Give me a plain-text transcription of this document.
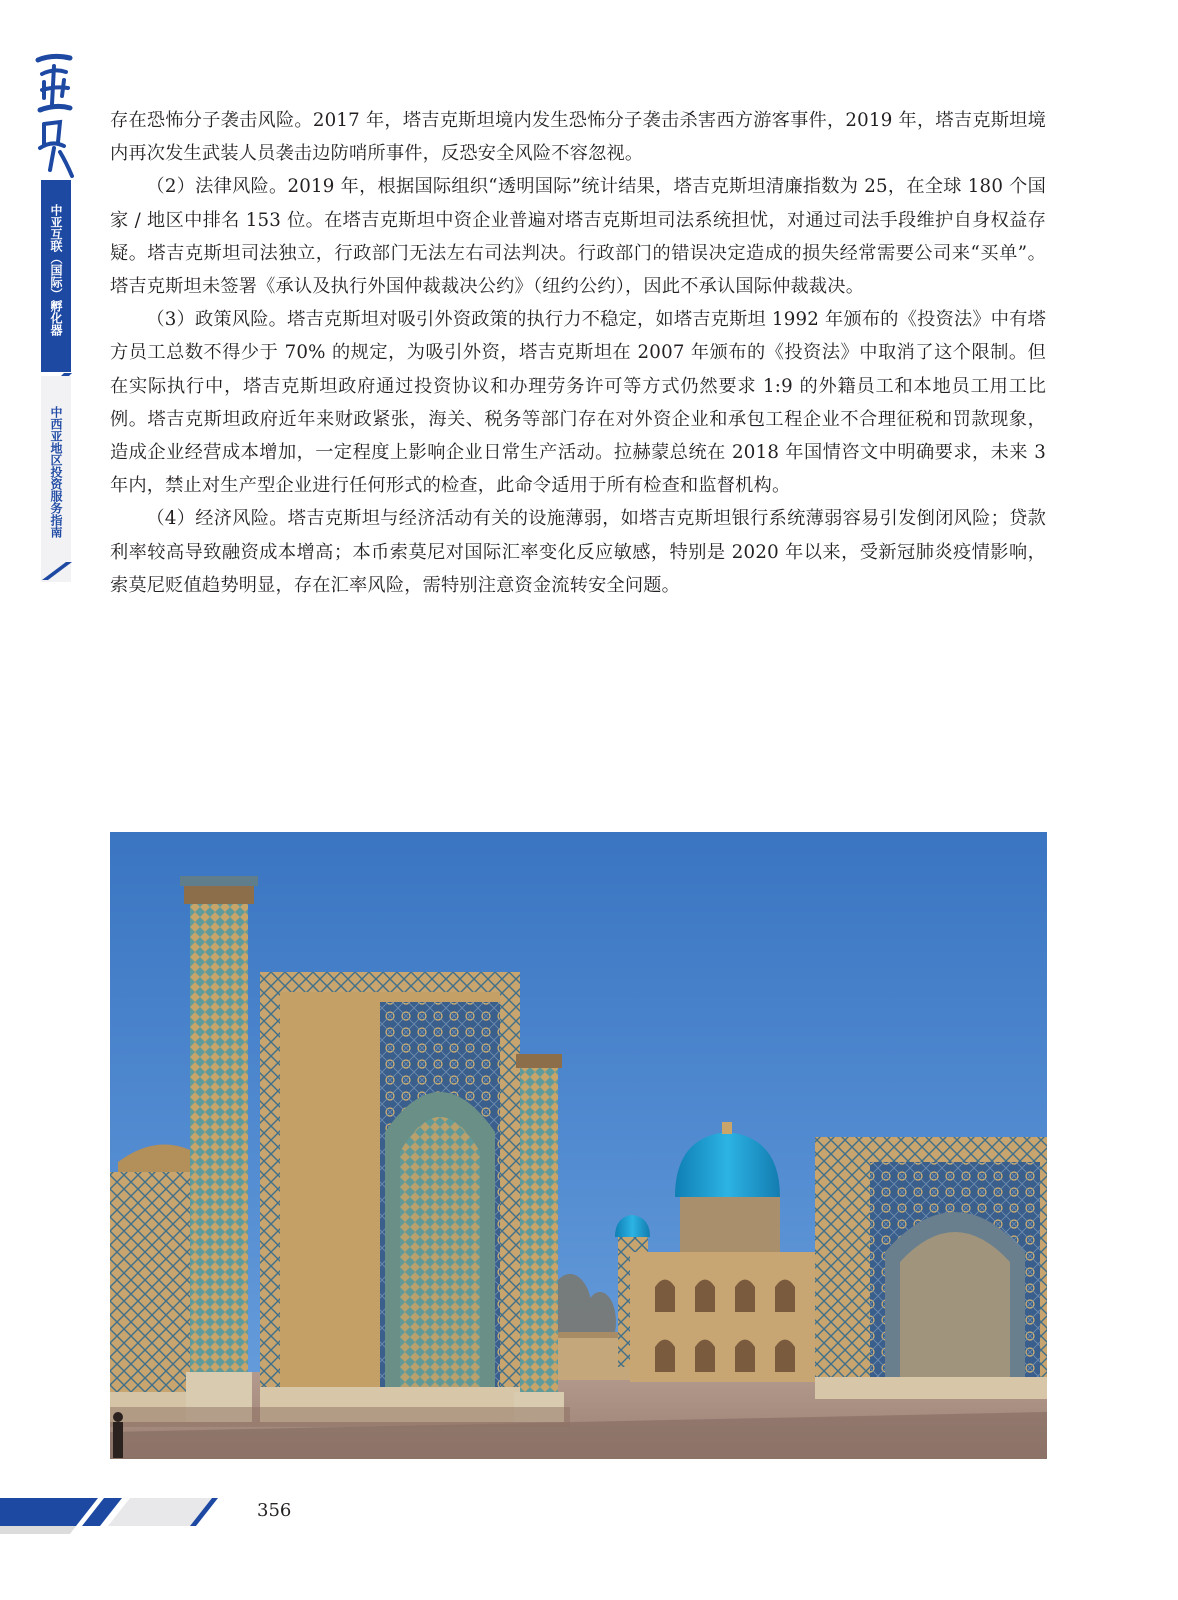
中亚互联（国际）孵化器
中西亚地区投资服务指南

存在恐怖分子袭击风险。2017 年，塔吉克斯坦境内发生恐怖分子袭击杀害西方游客事件，2019 年，塔吉克斯坦境内再次发生武装人员袭击边防哨所事件，反恐安全风险不容忽视。

（2）法律风险。2019 年，根据国际组织“透明国际”统计结果，塔吉克斯坦清廉指数为 25，在全球 180 个国家 / 地区中排名 153 位。在塔吉克斯坦中资企业普遍对塔吉克斯坦司法系统担忧，对通过司法手段维护自身权益存疑。塔吉克斯坦司法独立，行政部门无法左右司法判决。行政部门的错误决定造成的损失经常需要公司来“买单”。塔吉克斯坦未签署《承认及执行外国仲裁裁决公约》（纽约公约），因此不承认国际仲裁裁决。

（3）政策风险。塔吉克斯坦对吸引外资政策的执行力不稳定，如塔吉克斯坦 1992 年颁布的《投资法》中有塔方员工总数不得少于 70% 的规定，为吸引外资，塔吉克斯坦在 2007 年颁布的《投资法》中取消了这个限制。但在实际执行中，塔吉克斯坦政府通过投资协议和办理劳务许可等方式仍然要求 1:9 的外籍员工和本地员工用工比例。塔吉克斯坦政府近年来财政紧张，海关、税务等部门存在对外资企业和承包工程企业不合理征税和罚款现象，造成企业经营成本增加，一定程度上影响企业日常生产活动。拉赫蒙总统在 2018 年国情咨文中明确要求，未来 3 年内，禁止对生产型企业进行任何形式的检查，此命令适用于所有检查和监督机构。

（4）经济风险。塔吉克斯坦与经济活动有关的设施薄弱，如塔吉克斯坦银行系统薄弱容易引发倒闭风险；贷款利率较高导致融资成本增高；本币索莫尼对国际汇率变化反应敏感，特别是 2020 年以来，受新冠肺炎疫情影响，索莫尼贬值趋势明显，存在汇率风险，需特别注意资金流转安全问题。

356
